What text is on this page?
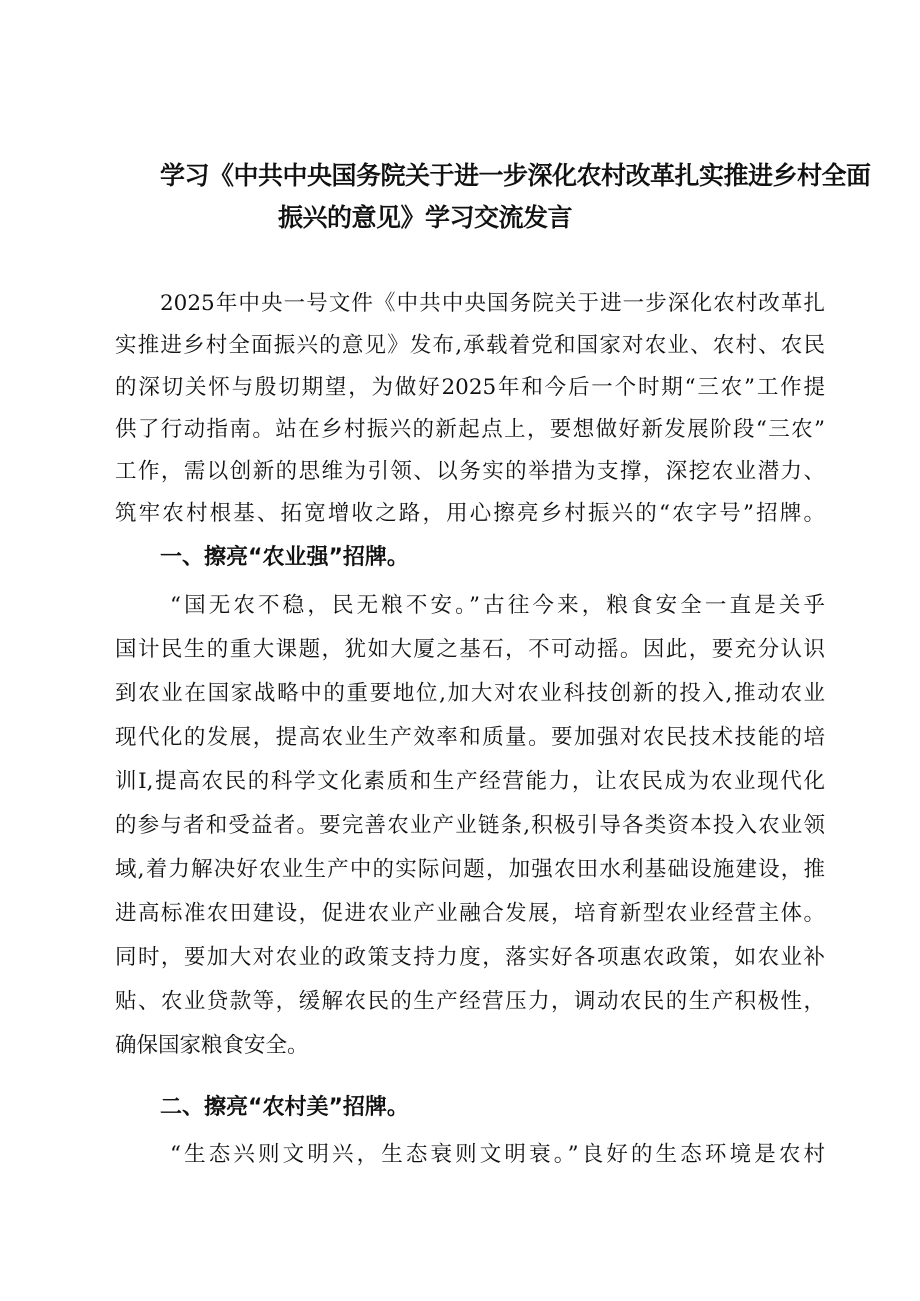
学习《中共中央国务院关于进一步深化农村改革扎实推进乡村全面
振兴的意见》学习交流发言

2025年中央一号文件《中共中央国务院关于进一步深化农村改革扎

实推进乡村全面振兴的意见》发布,承载着党和国家对农业、农村、农民

的深切关怀与殷切期望，为做好2025年和今后一个时期“三农”工作提

供了行动指南。站在乡村振兴的新起点上，要想做好新发展阶段“三农”

工作，需以创新的思维为引领、以务实的举措为支撑，深挖农业潜力、

筑牢农村根基、拓宽增收之路，用心擦亮乡村振兴的“农字号”招牌。

一、擦亮“农业强”招牌。

“国无农不稳，民无粮不安。”古往今来，粮食安全一直是关乎

国计民生的重大课题，犹如大厦之基石，不可动摇。因此，要充分认识

到农业在国家战略中的重要地位,加大对农业科技创新的投入,推动农业

现代化的发展，提高农业生产效率和质量。要加强对农民技术技能的培

训I,提高农民的科学文化素质和生产经营能力，让农民成为农业现代化

的参与者和受益者。要完善农业产业链条,积极引导各类资本投入农业领

域,着力解决好农业生产中的实际问题，加强农田水利基础设施建设，推

进高标准农田建设，促进农业产业融合发展，培育新型农业经营主体。

同时，要加大对农业的政策支持力度，落实好各项惠农政策，如农业补

贴、农业贷款等，缓解农民的生产经营压力，调动农民的生产积极性，

确保国家粮食安全。

二、擦亮“农村美”招牌。

“生态兴则文明兴，生态衰则文明衰。”良好的生态环境是农村
